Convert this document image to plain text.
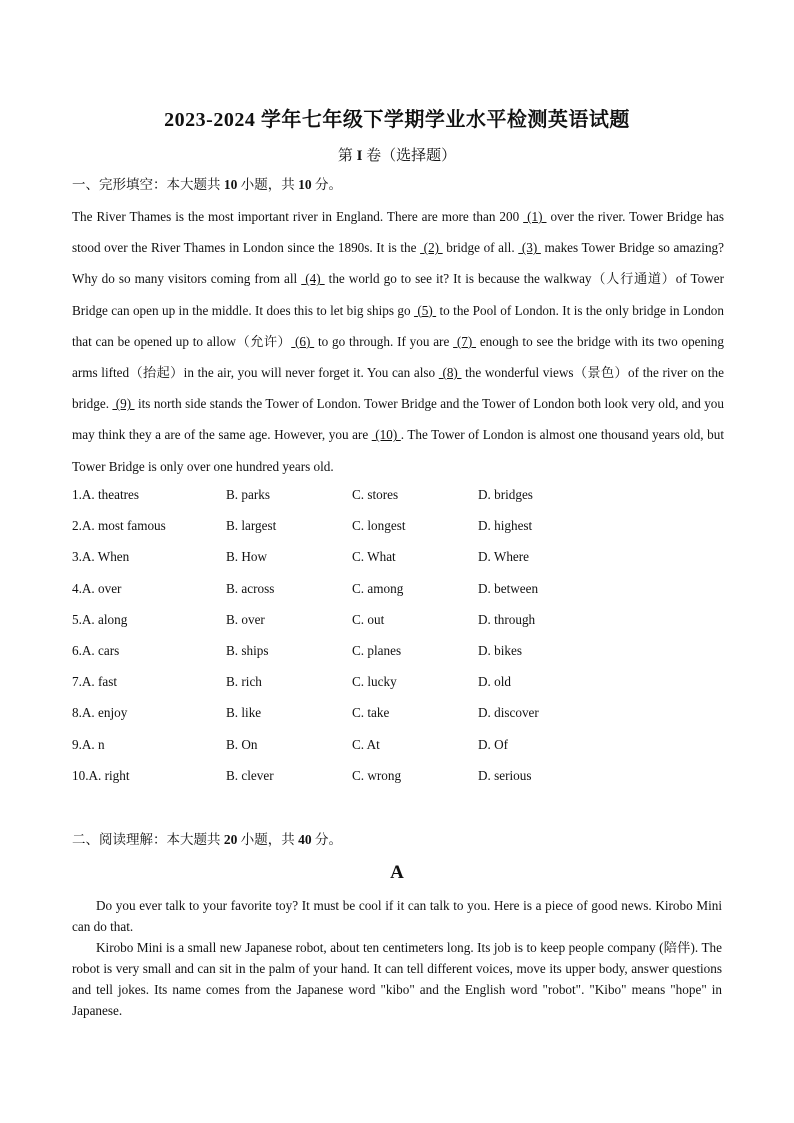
2023-2024 学年七年级下学期学业水平检测英语试题
第 I 卷（选择题）
一、完形填空：本大题共 10 小题，共 10 分。
The River Thames is the most important river in England. There are more than 200  (1)  over the river. Tower Bridge has stood over the River Thames in London since the 1890s. It is the  (2)  bridge of all.  (3)  makes Tower Bridge so amazing? Why do so many visitors coming from all  (4)  the world go to see it? It is because the walkway（人行通道）of Tower Bridge can open up in the middle. It does this to let big ships go  (5)  to the Pool of London. It is the only bridge in London that can be opened up to allow（允许） (6)  to go through. If you are  (7)  enough to see the bridge with its two opening arms lifted（抬起）in the air, you will never forget it. You can also  (8)  the wonderful views（景色）of the river on the bridge.  (9)  its north side stands the Tower of London. Tower Bridge and the Tower of London both look very old, and you may think they a are of the same age. However, you are  (10) . The Tower of London is almost one thousand years old, but Tower Bridge is only over one hundred years old.
1.A. theatres	B. parks	C. stores	D. bridges
2.A. most famous	B. largest	C. longest	D. highest
3.A. When	B. How	C. What	D. Where
4.A. over	B. across	C. among	D. between
5.A. along	B. over	C. out	D. through
6.A. cars	B. ships	C. planes	D. bikes
7.A. fast	B. rich	C. lucky	D. old
8.A. enjoy	B. like	C. take	D. discover
9.A. n	B. On	C. At	D. Of
10.A. right	B. clever	C. wrong	D. serious
二、阅读理解：本大题共 20 小题，共 40 分。
A

Do you ever talk to your favorite toy? It must be cool if it can talk to you. Here is a piece of good news. Kirobo Mini can do that.

Kirobo Mini is a small new Japanese robot, about ten centimeters long. Its job is to keep people company (陪伴). The robot is very small and can sit in the palm of your hand. It can tell different voices, move its upper body, answer questions and tell jokes. Its name comes from the Japanese word "kibo" and the English word "robot". "Kibo" means "hope" in Japanese.
